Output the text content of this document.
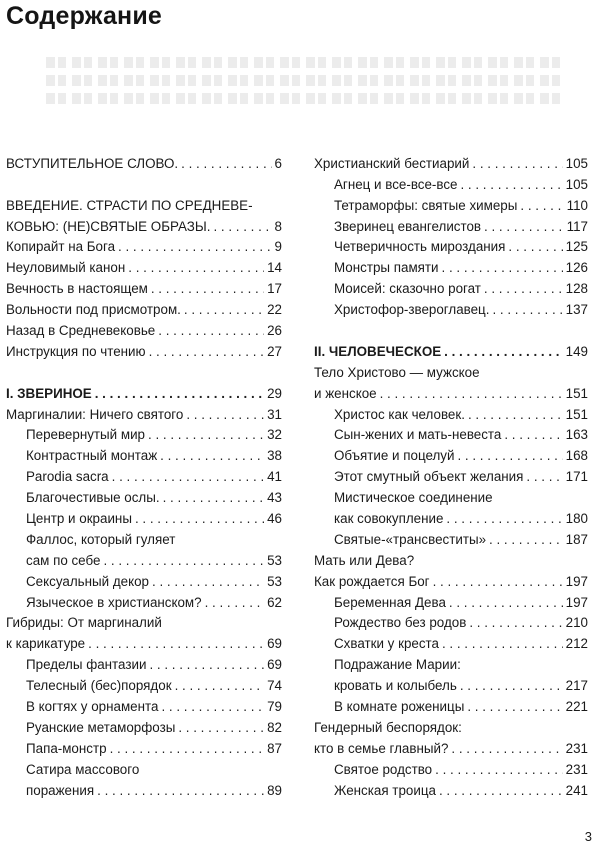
Содержание
ВСТУПИТЕЛЬНОЕ СЛОВО. . . .	6
ВВЕДЕНИЕ. СТРАСТИ ПО СРЕДНЕВЕ-
КОВЬЮ: (НЕ)СВЯТЫЕ ОБРАЗЫ. . . .	8
Копирайт на Бога . . .	9
Неуловимый канон . . .	14
Вечность в настоящем . . .	17
Вольности под присмотром. . . .	22
Назад в Средневековье . . .	26
Инструкция по чтению . . .	27
I. ЗВЕРИНОЕ . . .	29
Маргиналии: Ничего святого . . .	31
Перевернутый мир . . .	32
Контрастный монтаж . . .	38
Parodia sacra . . .	41
Благочестивые ослы. . . .	43
Центр и окраины . . .	46
Фаллос, который гуляет
сам по себе . . .	53
Сексуальный декор . . .	53
Языческое в христианском? . . .	62
Гибриды: От маргиналий
к карикатуре . . .	69
Пределы фантазии . . .	69
Телесный (бес)порядок . . .	74
В когтях у орнамента . . .	79
Руанские метаморфозы . . .	82
Папа-монстр . . .	87
Сатира массового
поражения . . .	89
Христианский бестиарий . . .	105
Агнец и все-все-все . . .	105
Тетраморфы: святые химеры . . .	110
Зверинец евангелистов . . .	117
Четверичность мироздания . . .	125
Монстры памяти . . .	126
Моисей: сказочно рогат . . .	128
Христофор-звероглавец. . . .	137
II. ЧЕЛОВЕЧЕСКОЕ . . .	149
Тело Христово — мужское
и женское . . .	151
Христос как человек. . . .	151
Сын-жених и мать-невеста . . .	163
Объятие и поцелуй . . .	168
Этот смутный объект желания . . .	171
Мистическое соединение
как совокупление . . .	180
Святые-«трансвеститы» . . .	187
Мать или Дева?
Как рождается Бог . . .	197
Беременная Дева . . .	197
Рождество без родов . . .	210
Схватки у креста . . .	212
Подражание Марии:
кровать и колыбель . . .	217
В комнате роженицы . . .	221
Гендерный беспорядок:
кто в семье главный? . . .	231
Святое родство . . .	231
Женская троица . . .	241
3
